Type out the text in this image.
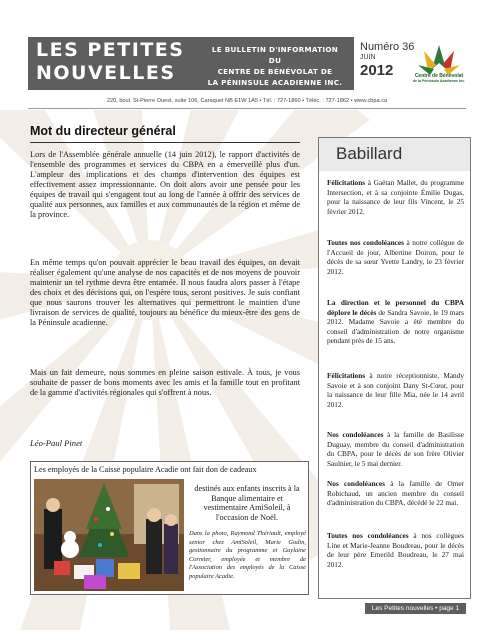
LES PETITES
NOUVELLES
LE BULLETIN D'INFORMATION DU
CENTRE DE BÉNÉVOLAT DE
LA PÉNINSULE ACADIENNE INC.
Numéro 36
JUIN
2012	Centre de Bénévolat
de la Péninsule Acadienne Inc.
220, boul. St-Pierre Ouest, suite 106, Caraquet NB E1W 1A5 • Tél. : 727-1860 • Téléc. : 727-1862 • www.cbpa.ca
Mot du directeur général
Lors de l'Assemblée générale annuelle (14 juin 2012), le rapport d'activités de l'ensemble des programmes et services du CBPA en a émerveillé plus d'un. L'ampleur des implications et des champs d'intervention des équipes est effectivement assez impressionnante. On doit alors avoir une pensée pour les équipes de travail qui s'engagent tout au long de l'année à offrir des services de qualité aux personnes, aux familles et aux communautés de la région et même de la province.
En même temps qu'on pouvait apprécier le beau travail des équipes, on devait réaliser également qu'une analyse de nos capacités et de nos moyens de pouvoir maintenir un tel rythme devra être entamée. Il nous faudra alors passer à l'étape des choix et des décisions qui, on l'espère tous, seront positives. Je suis confiant que nous saurons trouver les alternatives qui permettront le maintien d'une livraison de services de qualité, toujours au bénéfice du mieux-être des gens de la Péninsule acadienne.
Mais un fait demeure, nous sommes en pleine saison estivale. À tous, je vous souhaite de passer de bons moments avec les amis et la famille tout en profitant de la gamme d'activités régionales qui s'offrent à nous.
Léo-Paul Pinet
Les employés de la Caisse populaire Acadie ont fait don de cadeaux
destinés aux enfants inscrits à la Banque alimentaire et vestimentaire AmiSoleil, à l'occasion de Noël.
Dans la photo, Raymond Thériault, employé senior chez AmiSoleil, Marie Godin, gestionnaire du programme et Guylaine Cormier, employée et membre de l'Association des employés de la Caisse populaire Acadie.
Babillard
Félicitations à Gaëtan Mallet, du programme Intersection, et à sa conjointe Émilie Dugas, pour la naissance de leur fils Vincent, le 25 février 2012.
Toutes nos condoléances à notre collègue de l'Accueil de jour, Albertine Doiron, pour le décès de sa sœur Yvette Landry, le 23 février 2012.
La direction et le personnel du CBPA déplore le décès de Sandra Savoie, le 19 mars 2012. Madame Savoie a été membre du conseil d'administration de notre organisme pendant près de 15 ans.
Félicitations à notre réceptionniste, Mandy Savoie et à son conjoint Dany St-Cœur, pour la naissance de leur fille Mia, née le 14 avril 2012.
Nos condoléances à la famille de Basilisse Duguay, membre du conseil d'administration du CBPA, pour le décès de son frère Olivier Saulnier, le 5 mai dernier.
Nos condoléances à la famille de Omer Robichaud, un ancien membre du conseil d'administration du CBPA, décédé le 22 mai.
Toutes nos condoléances à nos collègues Line et Marie-Jeanne Boudreau, pour le décès de leur père Emerild Boudreau, le 27 mai 2012.
Les Petites nouvelles • page 1
